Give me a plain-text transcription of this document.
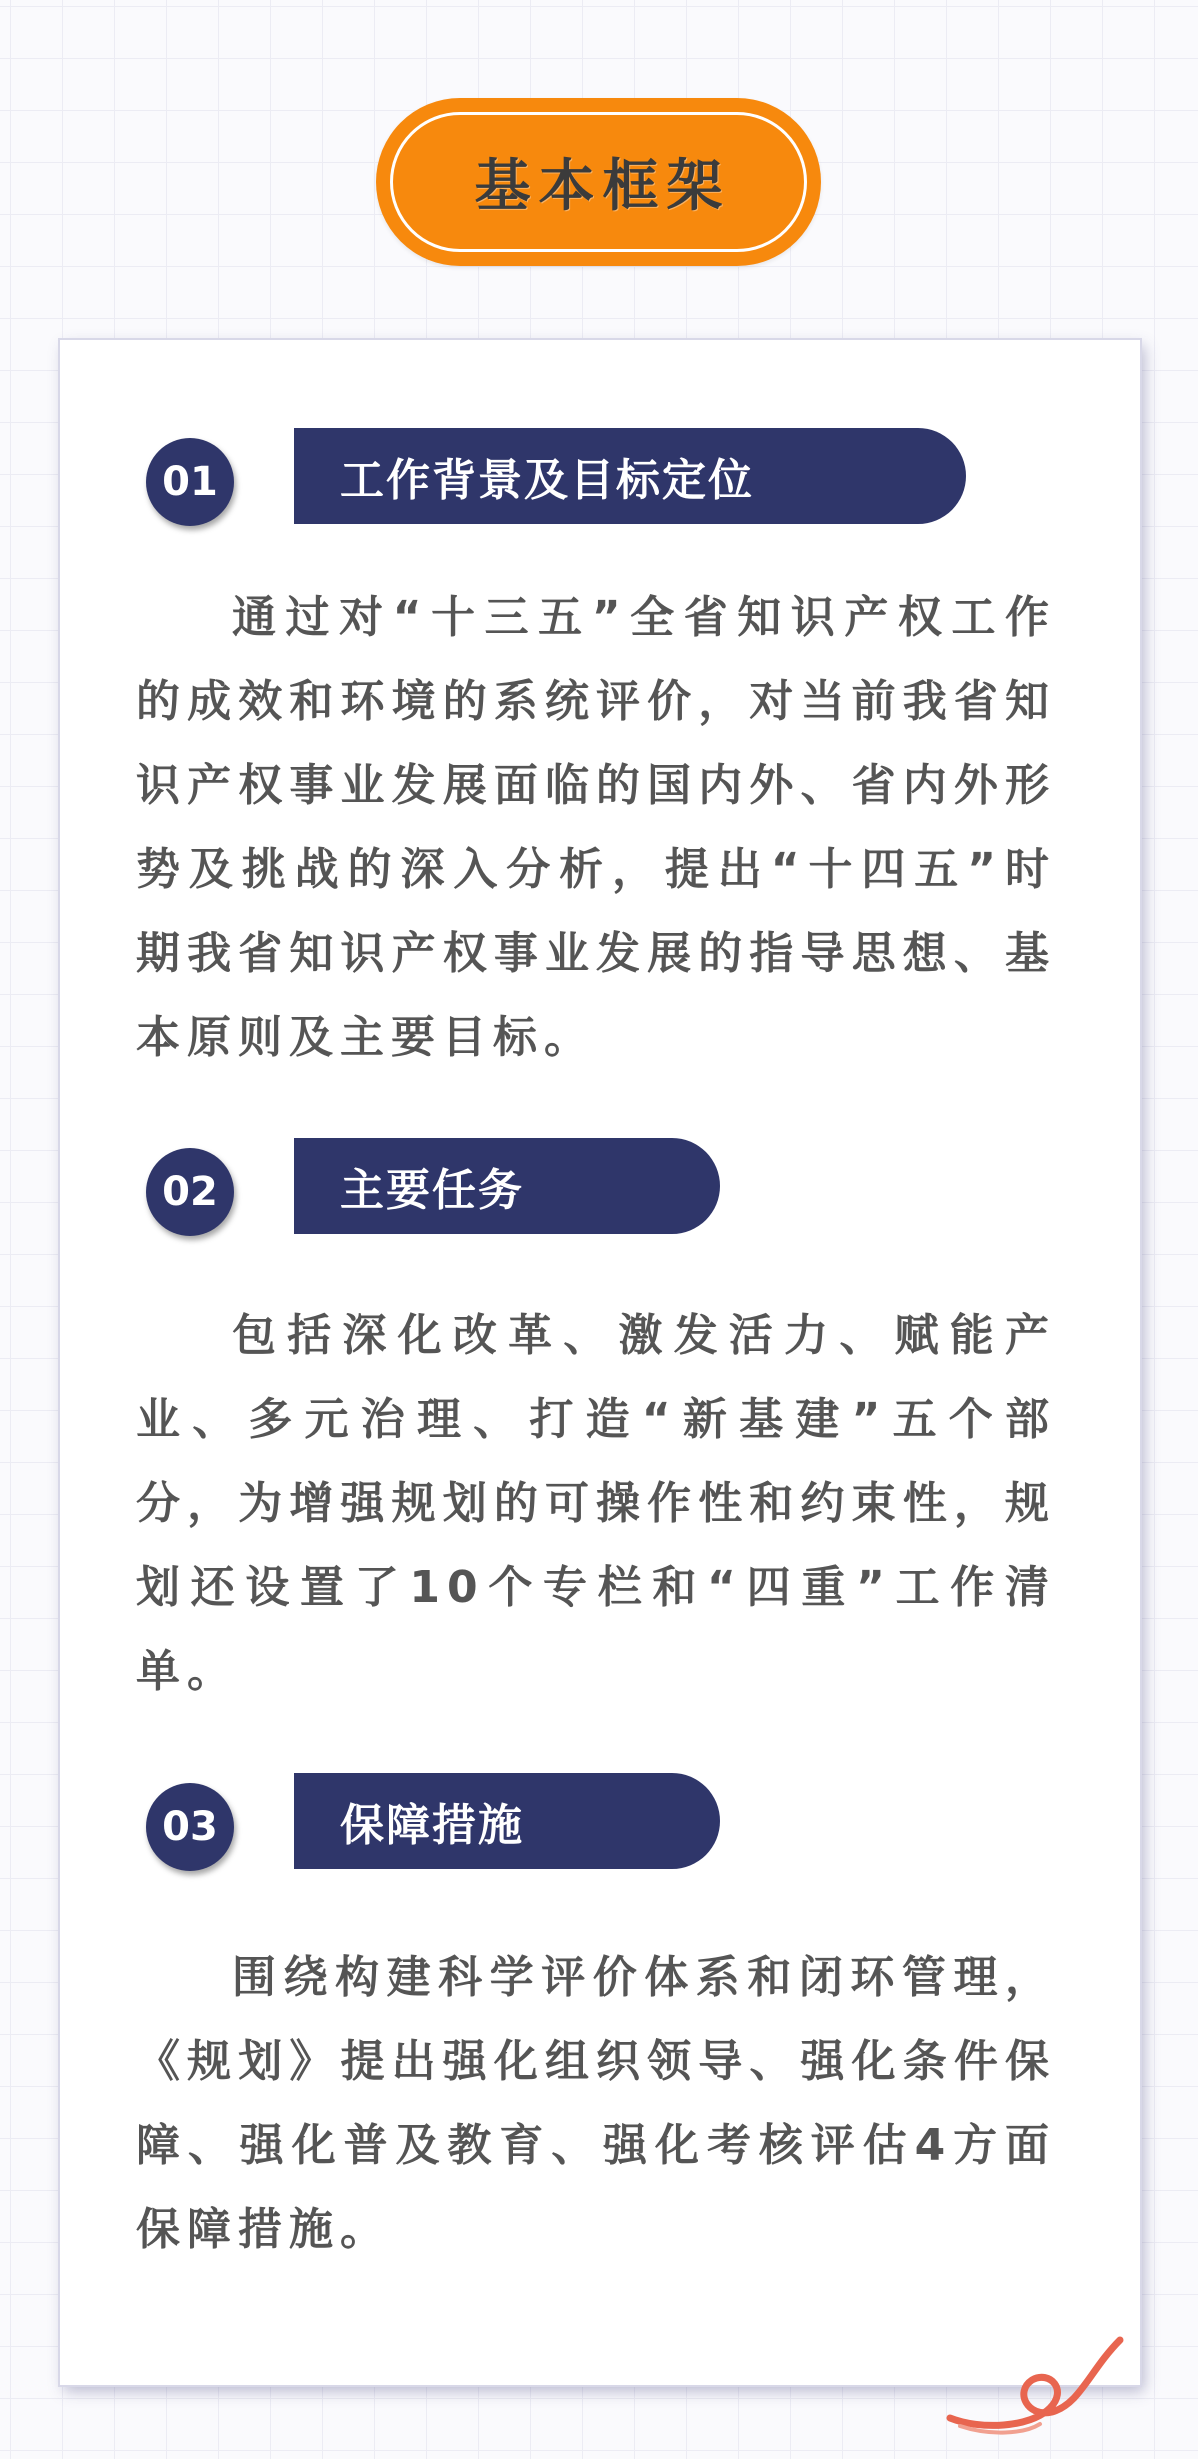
基本框架
01	工作背景及目标定位

通过对“十三五”全省知识产权工作的成效和环境的系统评价，对当前我省知识产权事业发展面临的国内外、省内外形势及挑战的深入分析，提出“十四五”时期我省知识产权事业发展的指导思想、基本原则及主要目标。

02	主要任务

包括深化改革、激发活力、赋能产业、多元治理、打造“新基建”五个部分，为增强规划的可操作性和约束性，规划还设置了10个专栏和“四重”工作清单。

03	保障措施

围绕构建科学评价体系和闭环管理，《规划》提出强化组织领导、强化条件保障、强化普及教育、强化考核评估4方面保障措施。
